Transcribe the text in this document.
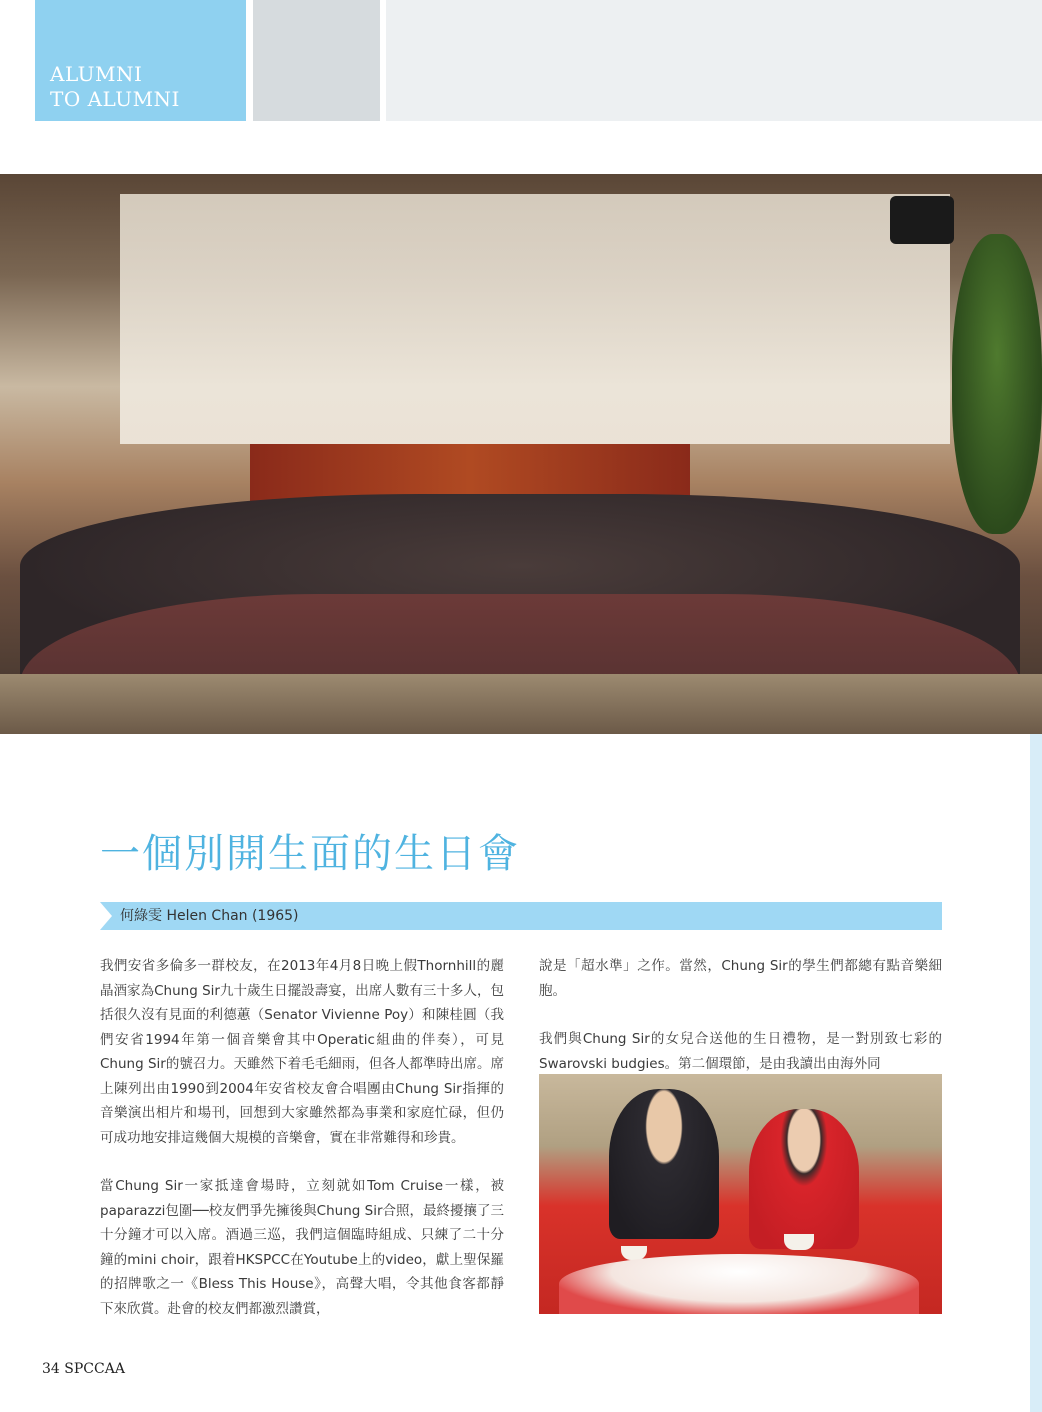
ALUMNI
TO ALUMNI
一個別開生面的生日會
何綠雯 Helen Chan (1965)

我們安省多倫多一群校友，在2013年4月8日晚上假Thornhill的麗晶酒家為Chung Sir九十歲生日擺設壽宴，出席人數有三十多人，包括很久沒有見面的利德蕙（Senator Vivienne Poy）和陳桂圓（我們安省1994年第一個音樂會其中Operatic組曲的伴奏），可見Chung Sir的號召力。天雖然下着毛毛細雨，但各人都準時出席。席上陳列出由1990到2004年安省校友會合唱團由Chung Sir指揮的音樂演出相片和場刊，回想到大家雖然都為事業和家庭忙碌，但仍可成功地安排這幾個大規模的音樂會，實在非常難得和珍貴。

當Chung Sir一家抵達會場時，立刻就如Tom Cruise一樣，被paparazzi包圍──校友們爭先擁後與Chung Sir合照，最終擾攘了三十分鐘才可以入席。酒過三巡，我們這個臨時組成、只練了二十分鐘的mini choir，跟着HKSPCC在Youtube上的video，獻上聖保羅的招牌歌之一《Bless This House》，高聲大唱，令其他食客都靜下來欣賞。赴會的校友們都激烈讚賞，

說是「超水準」之作。當然，Chung Sir的學生們都總有點音樂細胞。

我們與Chung Sir的女兒合送他的生日禮物，是一對別致七彩的Swarovski budgies。第二個環節，是由我讀出由海外同

34 SPCCAA
